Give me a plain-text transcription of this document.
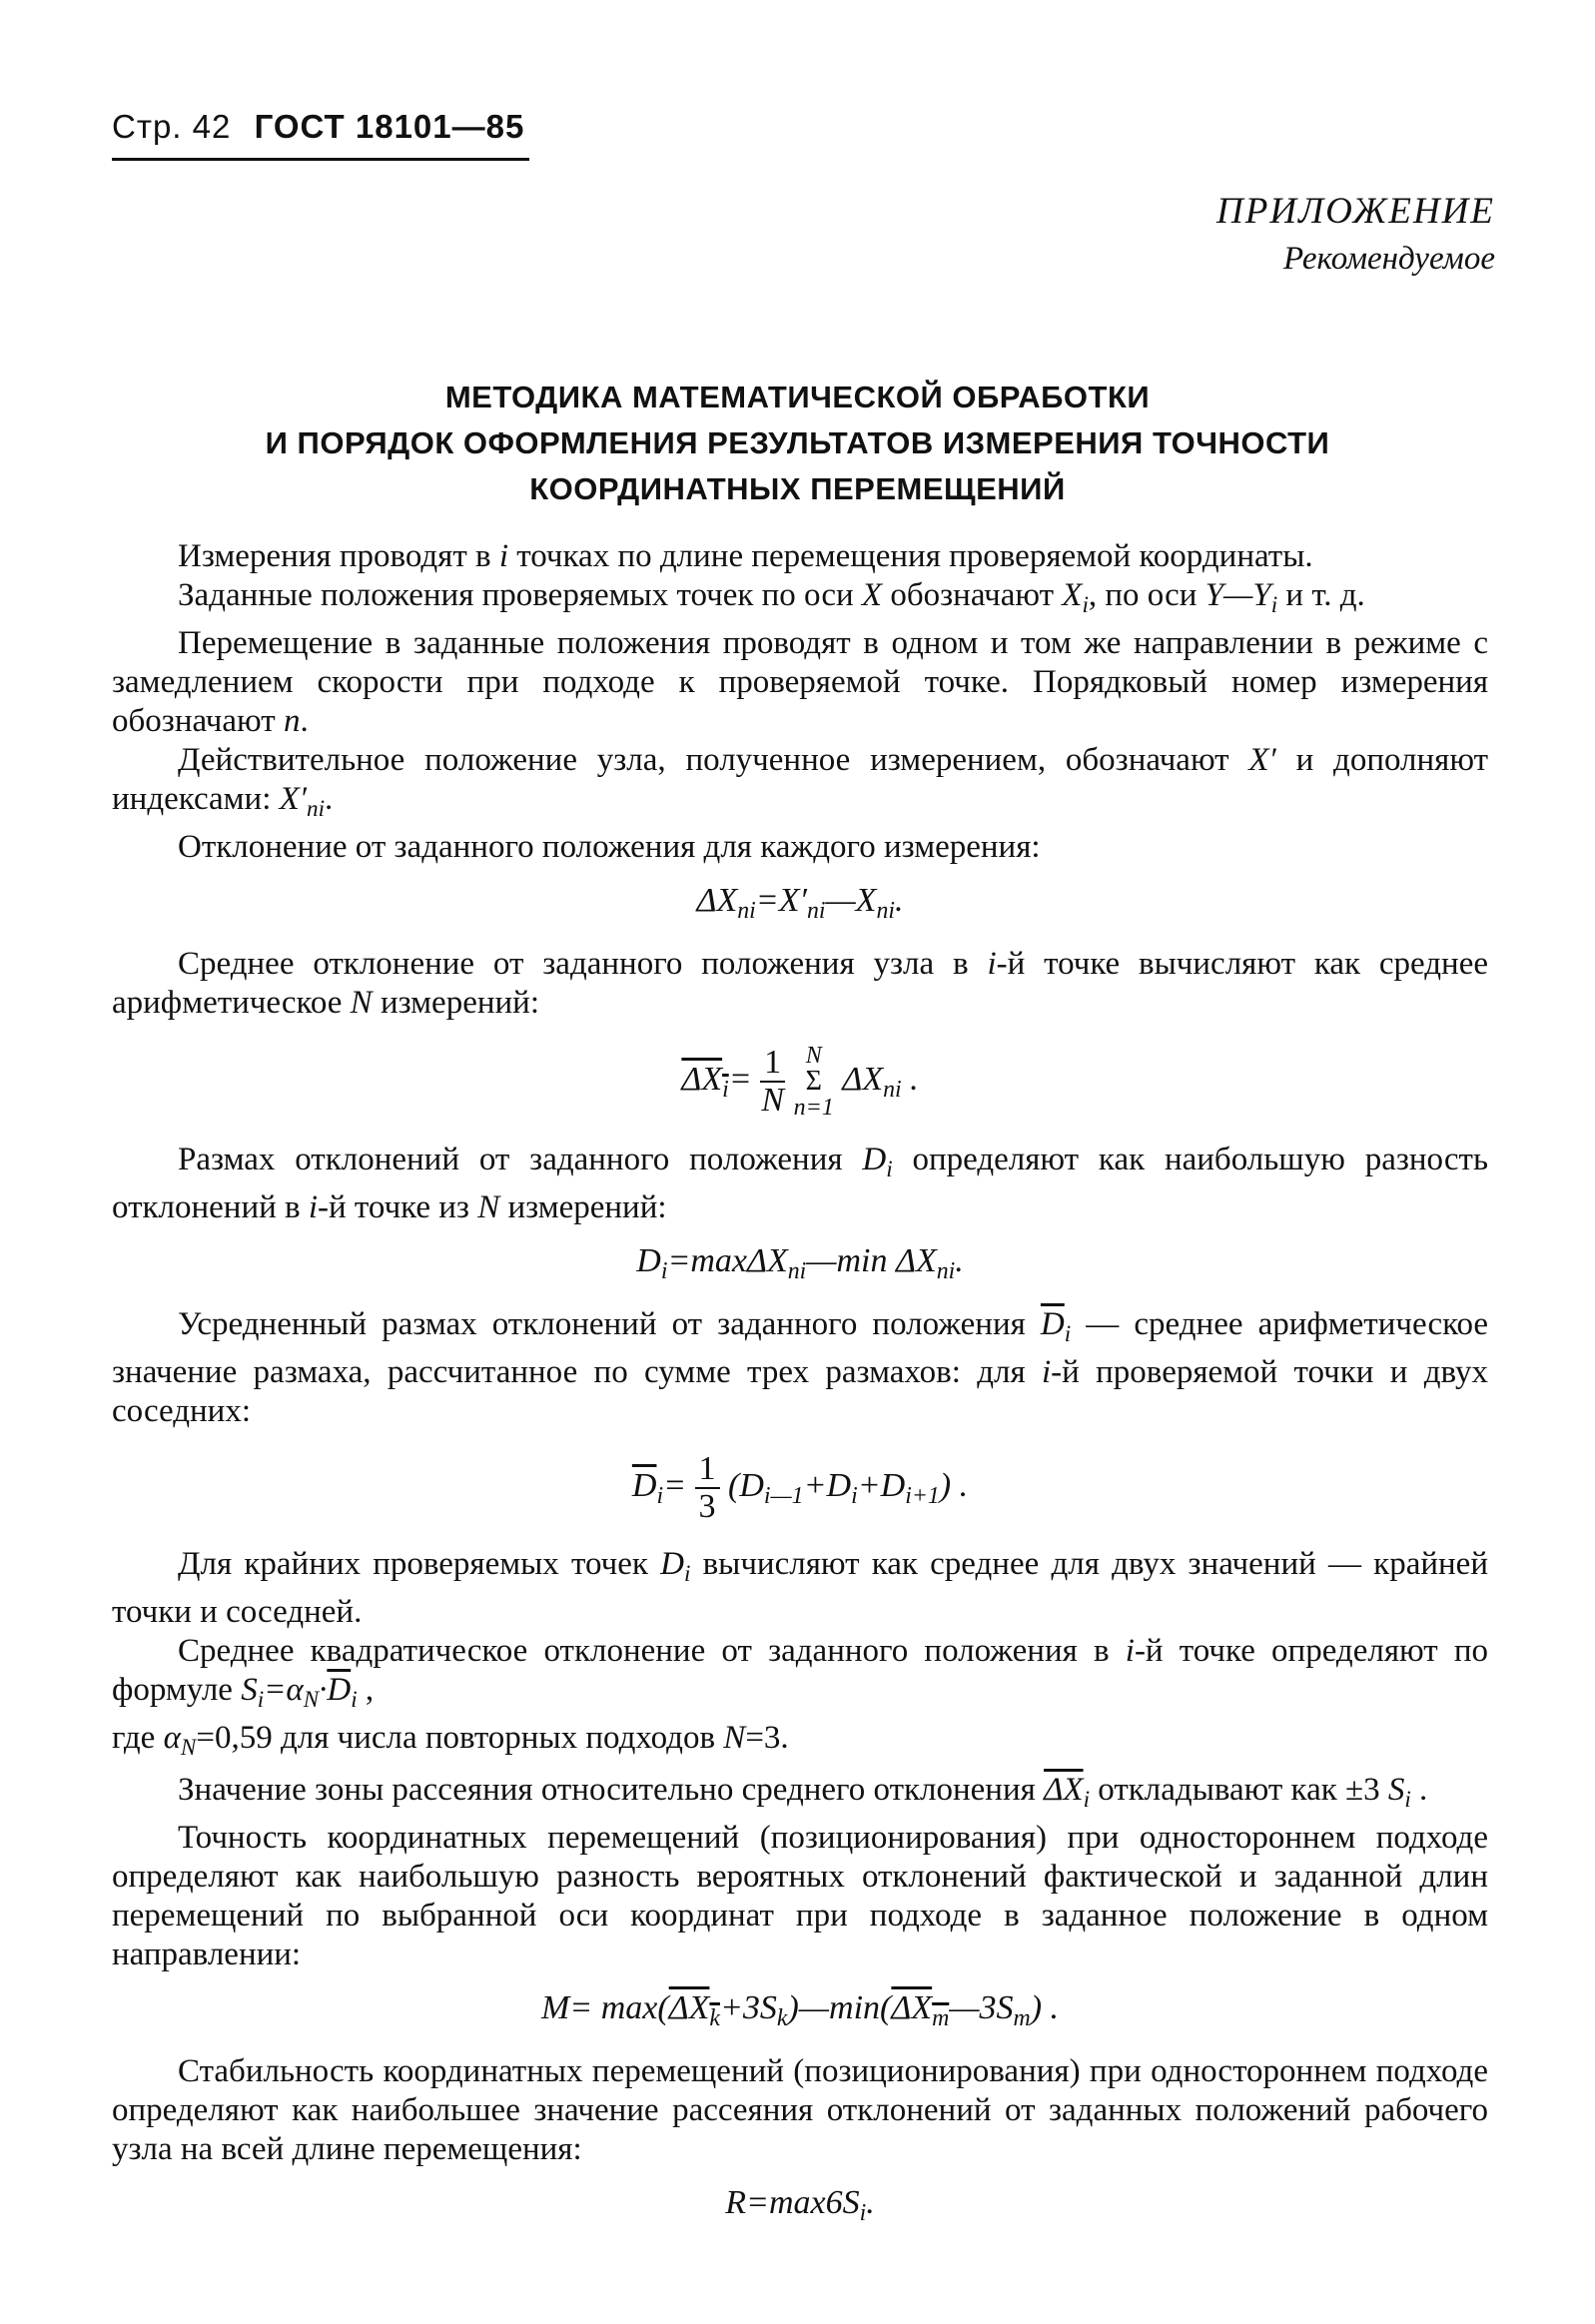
Стр. 42 ГОСТ 18101—85
ПРИЛОЖЕНИЕ
Рекомендуемое
МЕТОДИКА МАТЕМАТИЧЕСКОЙ ОБРАБОТКИ
И ПОРЯДОК ОФОРМЛЕНИЯ РЕЗУЛЬТАТОВ ИЗМЕРЕНИЯ ТОЧНОСТИ
КООРДИНАТНЫХ ПЕРЕМЕЩЕНИЙ

Измерения проводят в i точках по длине перемещения проверяемой координаты.

Заданные положения проверяемых точек по оси X обозначают $X_i$, по оси $Y—Y_i$ и т. д.

Перемещение в заданные положения проводят в одном и том же направлении в режиме с замедлением скорости при подходе к проверяемой точке. Порядковый номер измерения обозначают n.

Действительное положение узла, полученное измерением, обозначают X′ и дополняют индексами: $X'_{ni}$.

Отклонение от заданного положения для каждого измерения:

$\Delta X_{ni}=X'_{ni}—X_{ni}$.

Среднее отклонение от заданного положения узла в i-й точке вычисляют как среднее арифметическое N измерений:

$\Delta X_i= \frac{1}{N}$
N
Σ
n=1
$\Delta X_{ni}$ .

Размах отклонений от заданного положения $D_i$ определяют как наибольшую разность отклонений в i-й точке из N измерений:

$D_i=\max\Delta X_{ni}—\min$ $\Delta X_{ni}$.

Усредненный размах отклонений от заданного положения $\overline{D}_i$ — среднее арифметическое значение размаха, рассчитанное по сумме трех размахов: для i-й проверяемой точки и двух соседних:

$\overline{D}_i= \frac{1}{3} (D_{i—1}+D_i+D_{i+1})$ .

Для крайних проверяемых точек $D_i$ вычисляют как среднее для двух значений — крайней точки и соседней.

Среднее квадратическое отклонение от заданного положения в i-й точке определяют по формуле $S_i=\alpha_N\cdot\overline{D}_i$ ,

где $\alpha_N=0,59$ для числа повторных подходов N=3.

Значение зоны рассеяния относительно среднего отклонения $\overline{\Delta X}_i$ откладывают как ±3 $S_i$ .

Точность координатных перемещений (позиционирования) при одностороннем подходе определяют как наибольшую разность вероятных отклонений фактической и заданной длин перемещений по выбранной оси координат при подходе в заданное положение в одном направлении:

$M= \max(\Delta X_k+3S_k)—\min(\Delta X_m—3S_m)$ .

Стабильность координатных перемещений (позиционирования) при одностороннем подходе определяют как наибольшее значение рассеяния отклонений от заданных положений рабочего узла на всей длине перемещения:

$R=\max 6S_i$.
